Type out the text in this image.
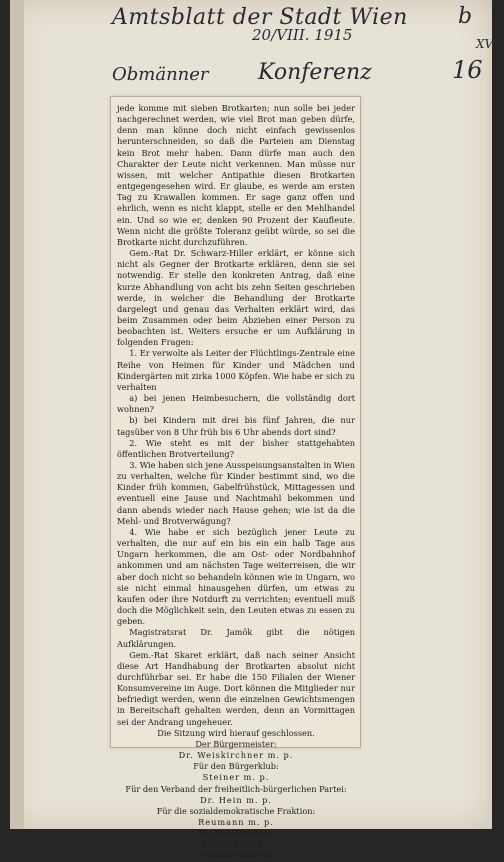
Amtsblatt der Stadt Wien
20/VIII. 1915
b
XV
16
Obmänner Konferenz

jede komme mit sieben Brotkarten; nun solle bei jeder nachgerechnet werden, wie viel Brot man geben dürfe, denn man könne doch nicht einfach gewissenlos herunterschneiden, so daß die Parteien am Dienstag kein Brot mehr haben. Dann dürfe man auch den Charakter der Leute nicht verkennen. Man müsse nur wissen, mit welcher Antipathie diesen Brotkarten entgegengesehen wird. Er glaube, es werde am ersten Tag zu Krawallen kommen. Er sage ganz offen und ehrlich, wenn es nicht klappt, stelle er den Mehlhandel ein. Und so wie er, denken 90 Prozent der Kaufleute. Wenn nicht die größte Toleranz geübt würde, so sei die Brotkarte nicht durchzuführen.

Gem.-Rat Dr. Schwarz-Hiller erklärt, er könne sich nicht als Gegner der Brotkarte erklären, denn sie sei notwendig. Er stelle den konkreten Antrag, daß eine kurze Abhandlung von acht bis zehn Seiten geschrieben werde, in welcher die Behandlung der Brotkarte dargelegt und genau das Verhalten erklärt wird, das beim Zusammen oder beim Abziehen einer Person zu beobachten ist. Weiters ersuche er um Aufklärung in folgenden Fragen:

1. Er verwolte als Leiter der Flüchtlings-Zentrale eine Reihe von Heimen für Kinder und Mädchen und Kindergärten mit zirka 1000 Köpfen. Wie habe er sich zu verhalten

a) bei jenen Heimbesuchern, die vollständig dort wohnen?

b) bei Kindern mit drei bis fünf Jahren, die nur tagsüber von 8 Uhr früh bis 6 Uhr abends dort sind?

2. Wie steht es mit der bisher stattgehabten öffentlichen Brotverteilung?

3. Wie haben sich jene Ausspeisungsanstalten in Wien zu verhalten, welche für Kinder bestimmt sind, wo die Kinder früh kommen, Gabelfrühstück, Mittagessen und eventuell eine Jause und Nachtmahl bekommen und dann abends wieder nach Hause gehen; wie ist da die Mehl- und Brotverwägung?

4. Wie habe er sich bezüglich jener Leute zu verhalten, die nur auf ein bis ein ein halb Tage aus Ungarn herkommen, die am Ost- oder Nordbahnhof ankommen und am nächsten Tage weiterreisen, die wir aber doch nicht so behandeln können wie in Ungarn, wo sie nicht einmal hinausgehen dürfen, um etwas zu kaufen oder ihre Notdurft zu verrichten; eventuell muß doch die Möglichkeit sein, den Leuten etwas zu essen zu geben.

Magistratsrat Dr. Jamök gibt die nötigen Aufklärungen.

Gem.-Rat Skaret erklärt, daß nach seiner Ansicht diese Art Handhabung der Brotkarten absolut nicht durchführbar sei. Er habe die 150 Filialen der Wiener Konsumvereine im Auge. Dort können die Mitglieder nur befriedigt werden, wenn die einzelnen Gewichtsmengen in Bereitschaft gehalten werden, denn an Vormittagen sei der Andrang ungeheuer.

Die Sitzung wird hierauf geschlossen.

Der Bürgermeister:

Dr. Weiskirchner m. p.

Für den Bürgerklub:

Steiner m. p.

Für den Verband der freiheitlich-bürgerlichen Partei:

Dr. Hein m. p.

Für die sozialdemokratische Fraktion:

Reumann m. p.

Der Schriftführer:

Böttger m. p.,

Magistrats-Sekretär.
